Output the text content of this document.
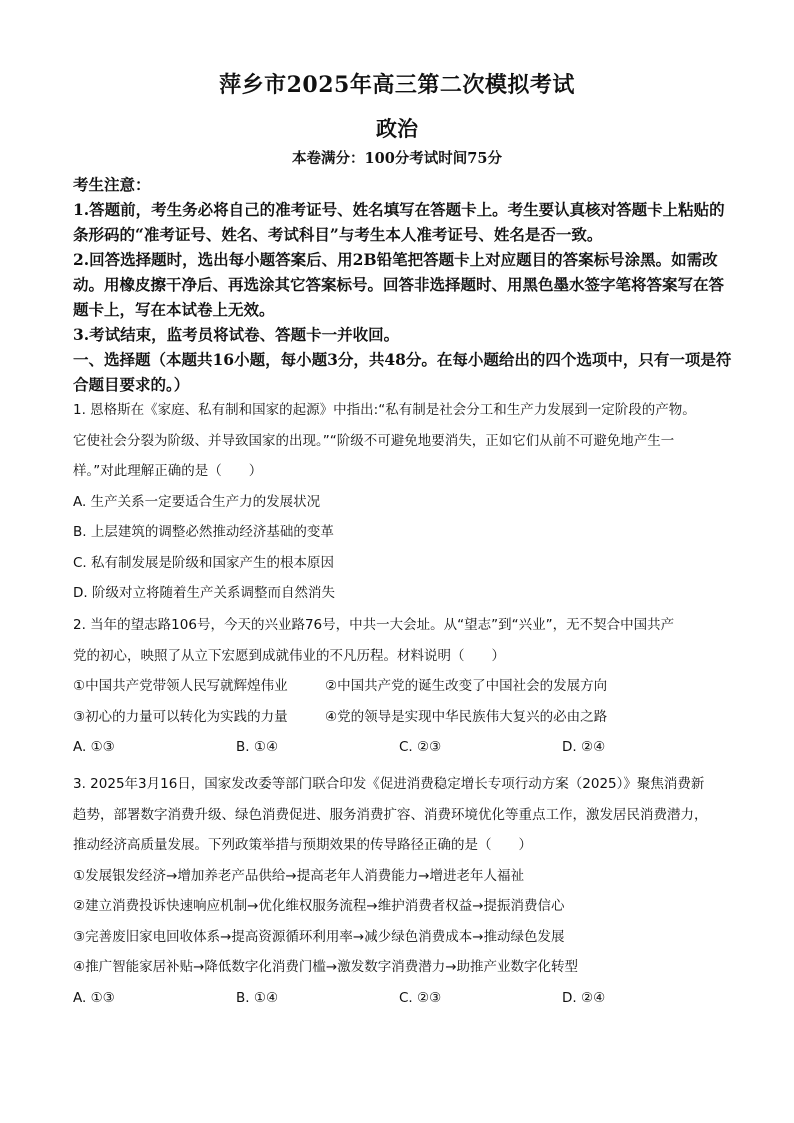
萍乡市2025年高三第二次模拟考试
政治
本卷满分：100分考试时间75分

考生注意：

1.答题前，考生务必将自己的准考证号、姓名填写在答题卡上。考生要认真核对答题卡上粘贴的条形码的“准考证号、姓名、考试科目”与考生本人准考证号、姓名是否一致。

2.回答选择题时，选出每小题答案后、用2B铅笔把答题卡上对应题目的答案标号涂黑。如需改动。用橡皮擦干净后、再选涂其它答案标号。回答非选择题时、用黑色墨水签字笔将答案写在答题卡上，写在本试卷上无效。

3.考试结束，监考员将试卷、答题卡一并收回。

一、选择题（本题共16小题，每小题3分，共48分。在每小题给出的四个选项中，只有一项是符合题目要求的。）

1. 恩格斯在《家庭、私有制和国家的起源》中指出:“私有制是社会分工和生产力发展到一定阶段的产物。

它使社会分裂为阶级、并导致国家的出现。”“阶级不可避免地要消失，正如它们从前不可避免地产生一

样。”对此理解正确的是（　　）

A. 生产关系一定要适合生产力的发展状况

B. 上层建筑的调整必然推动经济基础的变革

C. 私有制发展是阶级和国家产生的根本原因

D. 阶级对立将随着生产关系调整而自然消失

2. 当年的望志路106号，今天的兴业路76号，中共一大会址。从“望志”到“兴业”，无不契合中国共产

党的初心，映照了从立下宏愿到成就伟业的不凡历程。材料说明（　　）

①中国共产党带领人民写就辉煌伟业	②中国共产党的诞生改变了中国社会的发展方向
③初心的力量可以转化为实践的力量	④党的领导是实现中华民族伟大复兴的必由之路
A. ①③	B. ①④	C. ②③	D. ②④

3. 2025年3月16日，国家发改委等部门联合印发《促进消费稳定增长专项行动方案（2025）》聚焦消费新

趋势，部署数字消费升级、绿色消费促进、服务消费扩容、消费环境优化等重点工作，激发居民消费潜力，

推动经济高质量发展。下列政策举措与预期效果的传导路径正确的是（　　）

①发展银发经济→增加养老产品供给→提高老年人消费能力→增进老年人福祉

②建立消费投诉快速响应机制→优化维权服务流程→维护消费者权益→提振消费信心

③完善废旧家电回收体系→提高资源循环利用率→减少绿色消费成本→推动绿色发展

④推广智能家居补贴→降低数字化消费门槛→激发数字消费潜力→助推产业数字化转型

A. ①③	B. ①④	C. ②③	D. ②④
